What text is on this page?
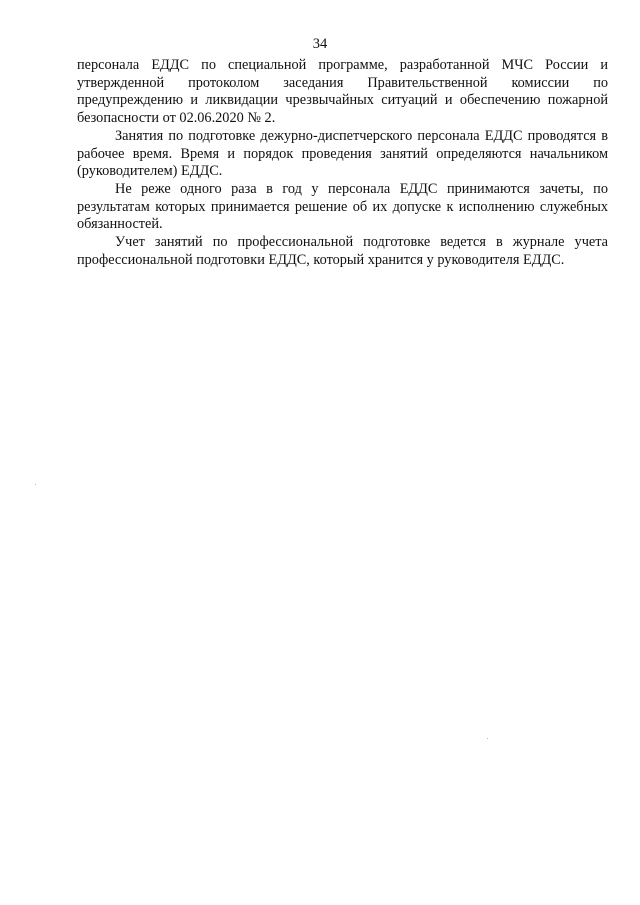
34

персонала ЕДДС по специальной программе, разработанной МЧС России и утвержденной протоколом заседания Правительственной комиссии по предупреждению и ликвидации чрезвычайных ситуаций и обеспечению пожарной безопасности от 02.06.2020 № 2.

Занятия по подготовке дежурно-диспетчерского персонала ЕДДС проводятся в рабочее время. Время и порядок проведения занятий определяются начальником (руководителем) ЕДДС.

Не реже одного раза в год у персонала ЕДДС принимаются зачеты, по результатам которых принимается решение об их допуске к исполнению служебных обязанностей.

Учет занятий по профессиональной подготовке ведется в журнале учета профессиональной подготовки ЕДДС, который хранится у руководителя ЕДДС.
